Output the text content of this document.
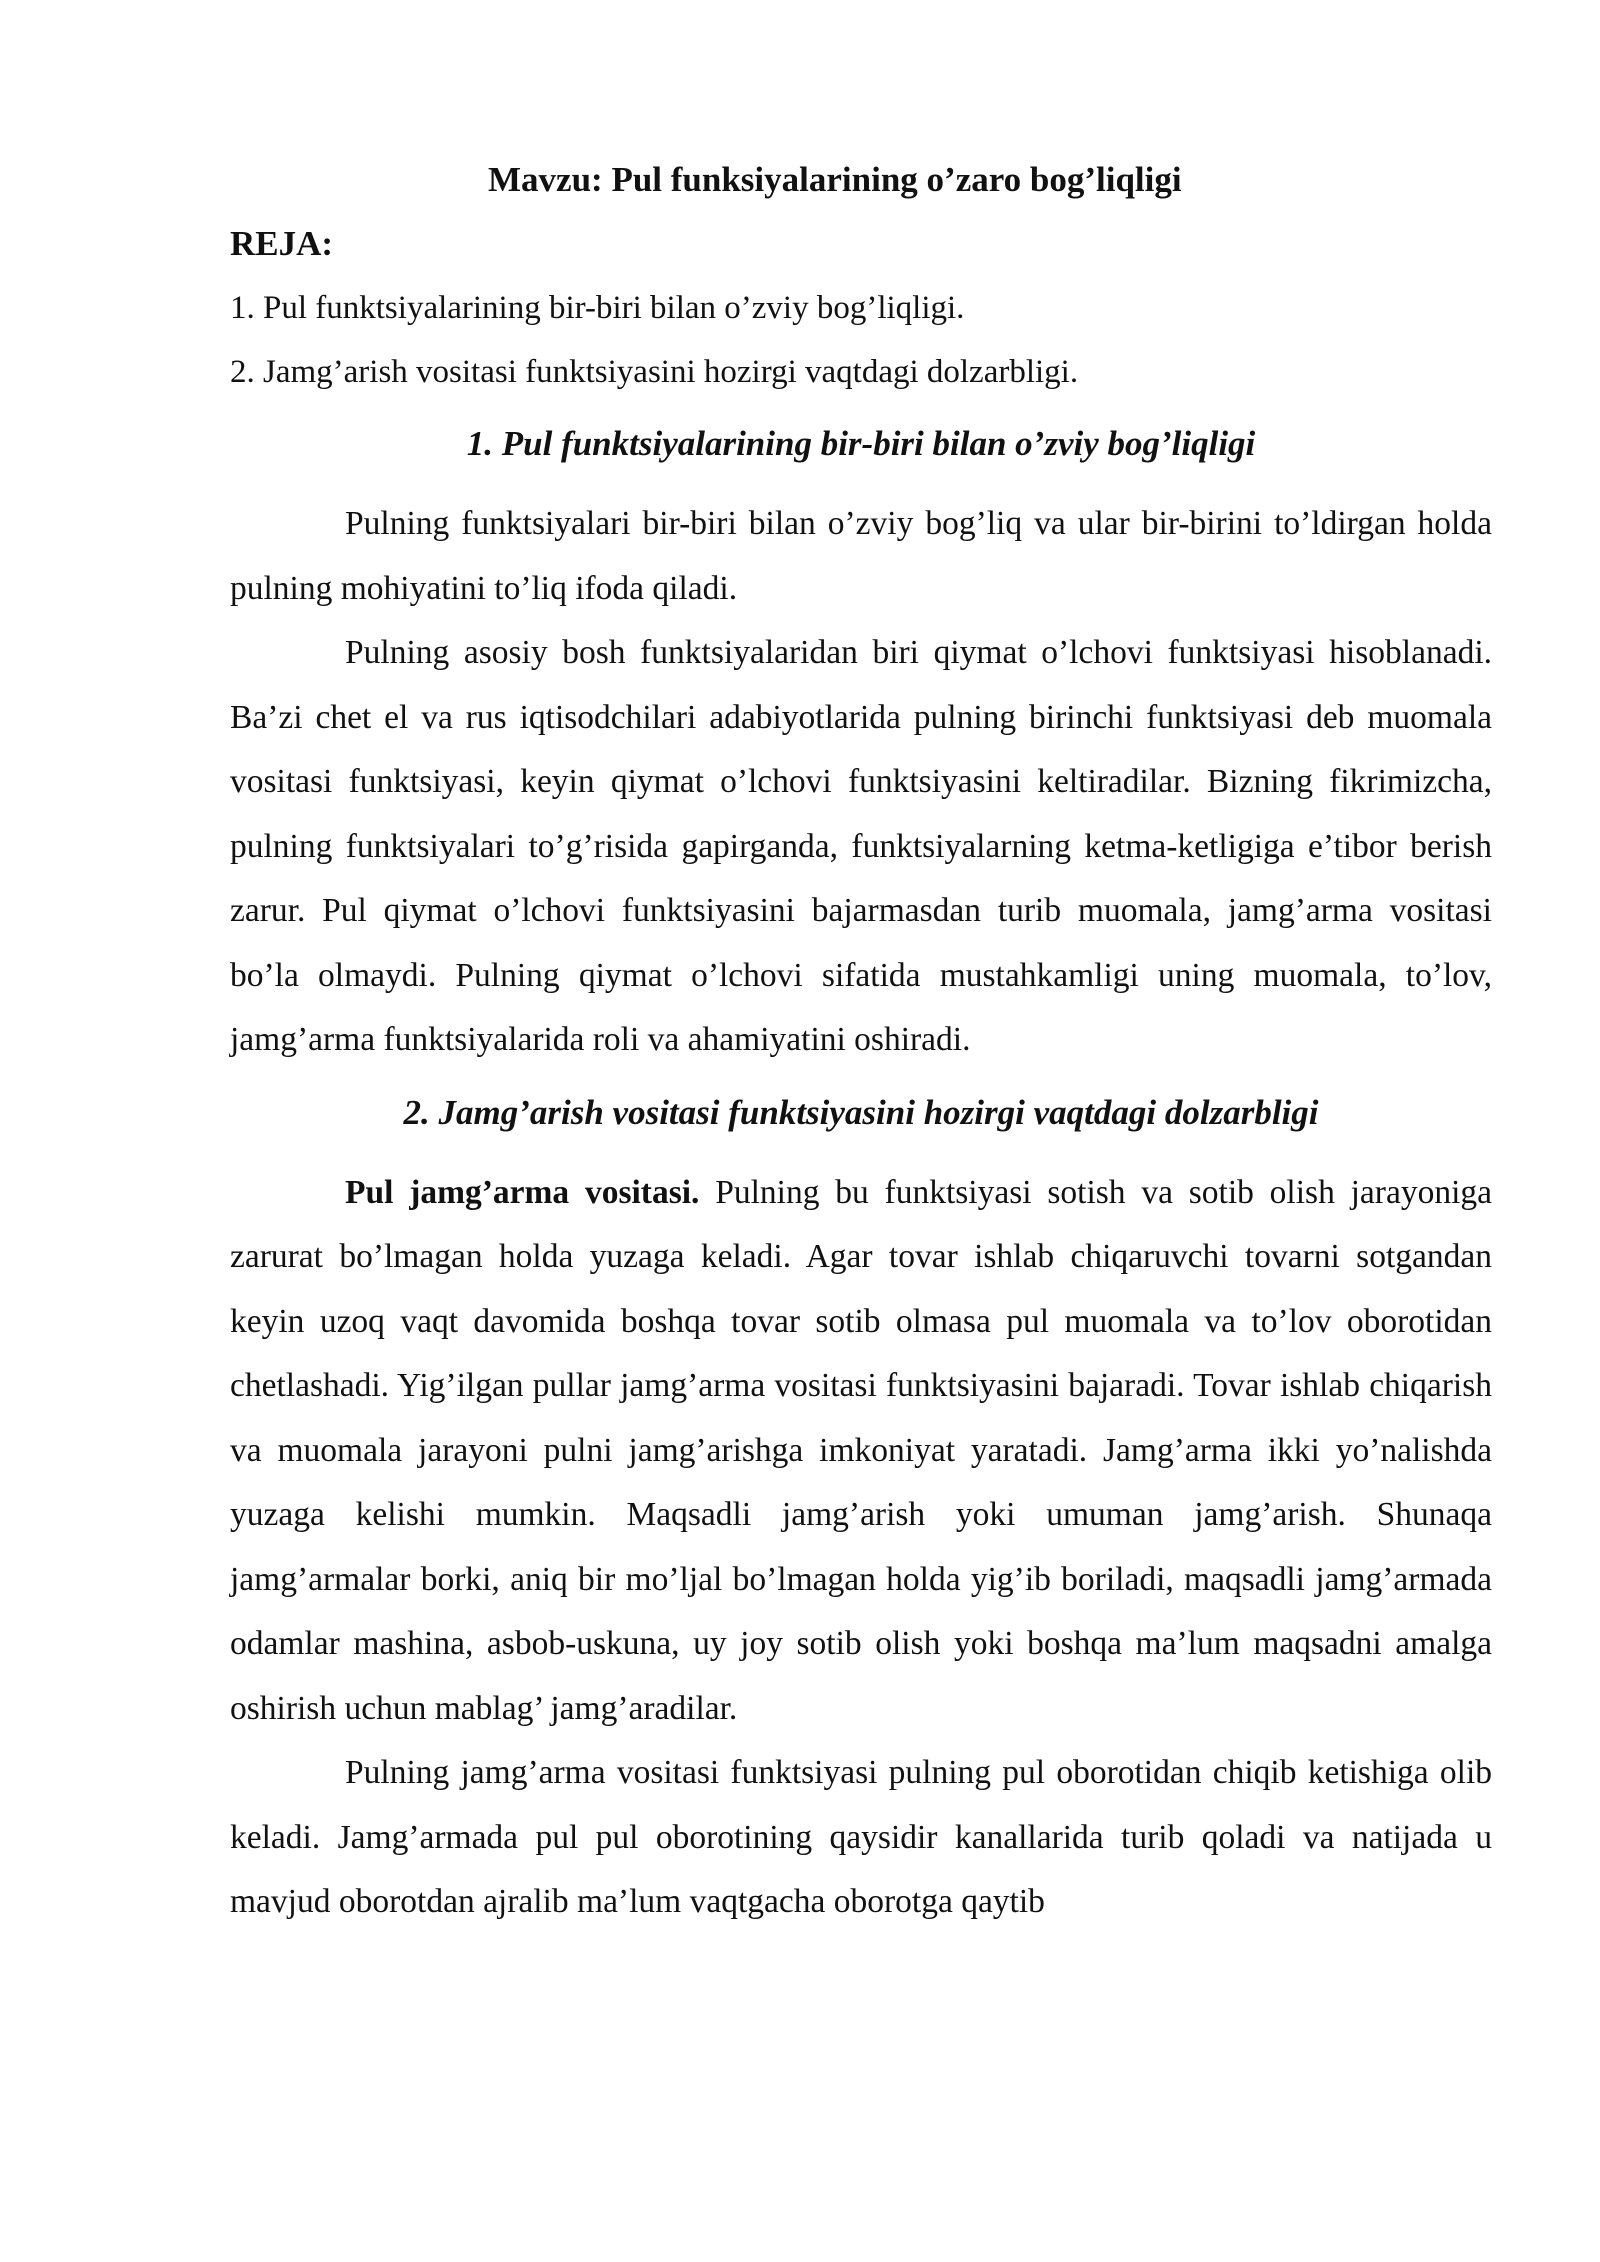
Mavzu: Pul funksiyalarining o’zaro bog’liqligi

REJA:

1. Pul funktsiyalarining bir-biri bilan o’zviy bog’liqligi.

2. Jamg’arish vositasi funktsiyasini hozirgi vaqtdagi dolzarbligi.

1. Pul funktsiyalarining bir-biri bilan o’zviy bog’liqligi

Pulning funktsiyalari bir-biri bilan o’zviy bog’liq va ular bir-birini to’ldirgan holda pulning mohiyatini to’liq ifoda qiladi.

Pulning asosiy bosh funktsiyalaridan biri qiymat o’lchovi funktsiyasi hisoblanadi. Ba’zi chet el va rus iqtisodchilari adabiyotlarida pulning birinchi funktsiyasi deb muomala vositasi funktsiyasi, keyin qiymat o’lchovi funktsiyasini keltiradilar. Bizning fikrimizcha, pulning funktsiyalari to’g’risida gapirganda, funktsiyalarning ketma-ketligiga e’tibor berish zarur. Pul qiymat o’lchovi funktsiyasini bajarmasdan turib muomala, jamg’arma vositasi bo’la olmaydi. Pulning qiymat o’lchovi sifatida mustahkamligi uning muomala, to’lov, jamg’arma funktsiyalarida roli va ahamiyatini oshiradi.

2. Jamg’arish vositasi funktsiyasini hozirgi vaqtdagi dolzarbligi

Pul jamg’arma vositasi. Pulning bu funktsiyasi sotish va sotib olish jarayoniga zarurat bo’lmagan holda yuzaga keladi. Agar tovar ishlab chiqaruvchi tovarni sotgandan keyin uzoq vaqt davomida boshqa tovar sotib olmasa pul muomala va to’lov oborotidan chetlashadi. Yig’ilgan pullar jamg’arma vositasi funktsiyasini bajaradi. Tovar ishlab chiqarish va muomala jarayoni pulni jamg’arishga imkoniyat yaratadi. Jamg’arma ikki yo’nalishda yuzaga kelishi mumkin. Maqsadli jamg’arish yoki umuman jamg’arish. Shunaqa jamg’armalar borki, aniq bir mo’ljal bo’lmagan holda yig’ib boriladi, maqsadli jamg’armada odamlar mashina, asbob-uskuna, uy joy sotib olish yoki boshqa ma’lum maqsadni amalga oshirish uchun mablag’ jamg’aradilar.

Pulning jamg’arma vositasi funktsiyasi pulning pul oborotidan chiqib ketishiga olib keladi. Jamg’armada pul pul oborotining qaysidir kanallarida turib qoladi va natijada u mavjud oborotdan ajralib ma’lum vaqtgacha oborotga qaytib
